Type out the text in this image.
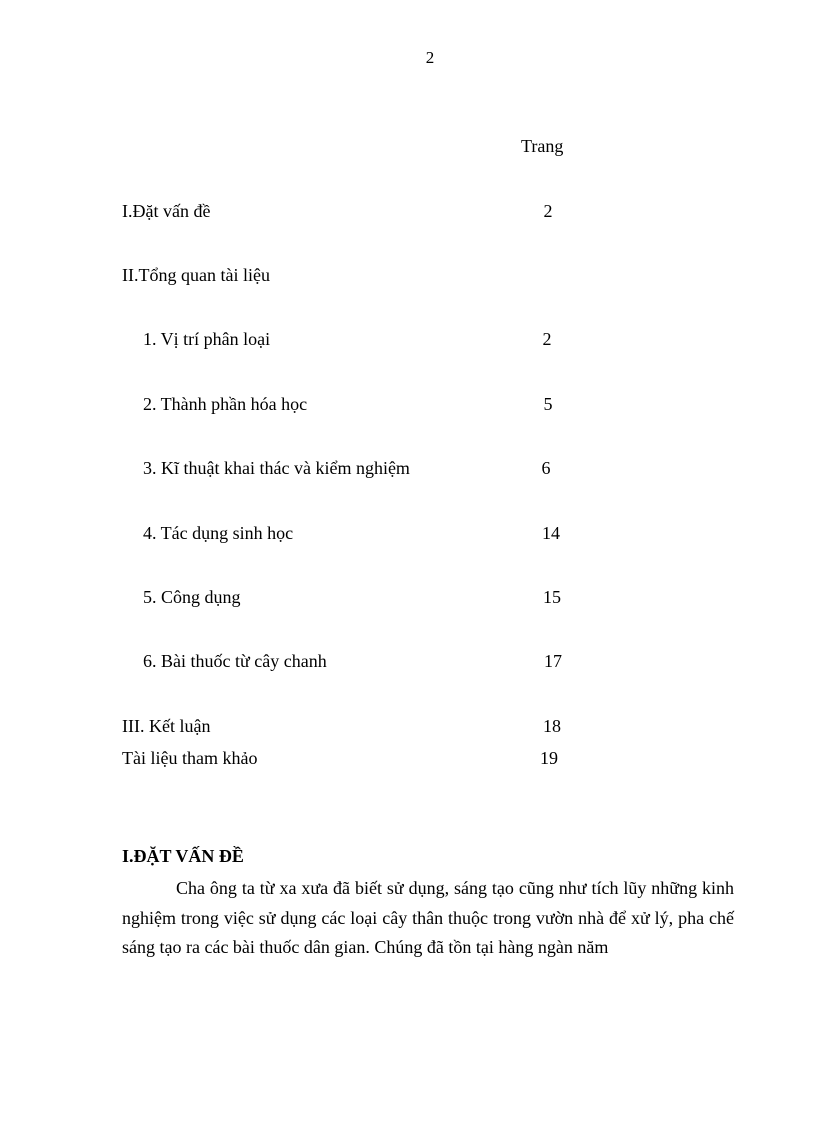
2
Trang
I.Đặt vấn đề	2
II.Tổng quan tài liệu
1. Vị trí phân loại	2
2. Thành phần hóa học	5
3. Kĩ thuật khai thác và kiểm nghiệm	6
4. Tác dụng sinh học	14
5. Công dụng	15
6. Bài thuốc từ cây chanh	17
III. Kết luận	18
Tài liệu tham khảo	19
I.ĐẶT VẤN ĐỀ
Cha ông ta từ xa xưa đã biết sử dụng, sáng tạo cũng như tích lũy những kinh nghiệm trong việc sử dụng các loại cây thân thuộc trong vườn nhà để xử lý, pha chế sáng tạo ra các bài thuốc dân gian. Chúng đã tồn tại hàng ngàn năm
